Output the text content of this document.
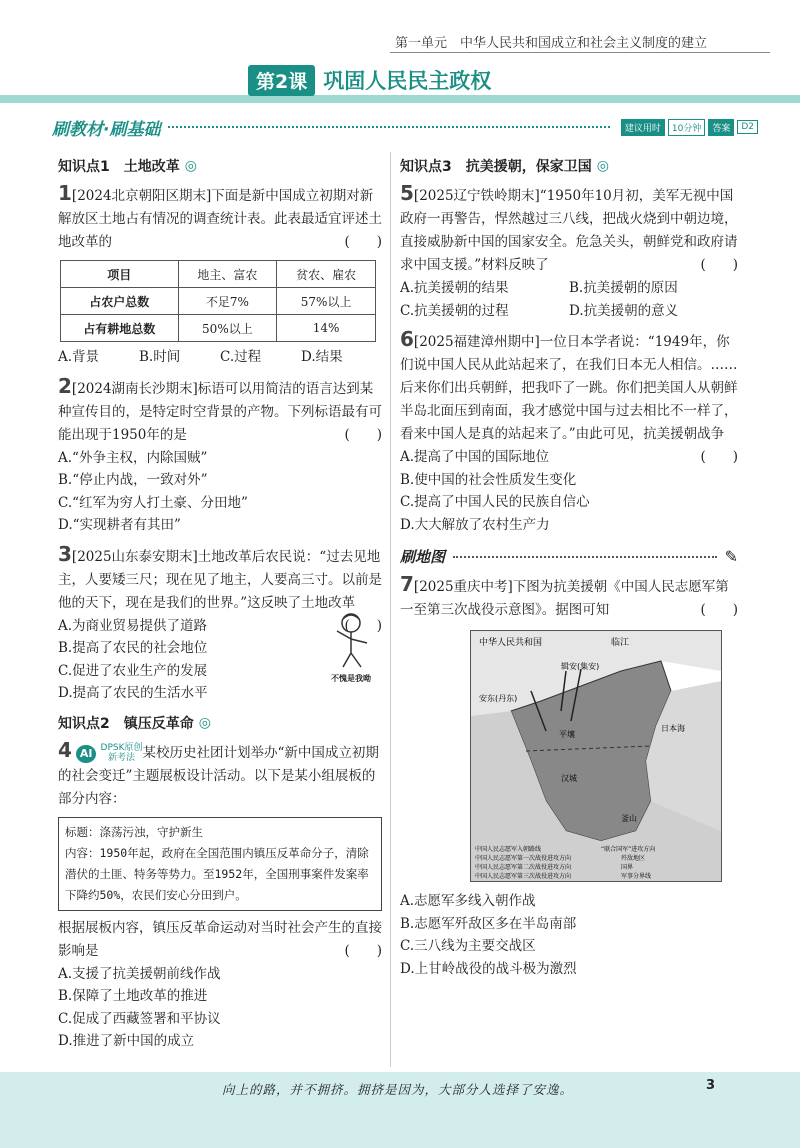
第一单元　中华人民共和国成立和社会主义制度的建立
第2课 巩固人民民主政权
刷教材·刷基础	建议用时	10分钟	答案	D2
知识点1 土地改革 ◎
1[2024北京朝阳区期末]下面是新中国成立初期对新解放区土地占有情况的调查统计表。此表最适宜评述土地改革的	(　　)
项目	地主、富农	贫农、雇农
占农户总数	不足7%	57%以上
占有耕地总数	50%以上	14%
A.背景	B.时间	C.过程	D.结果
2[2024湖南长沙期末]标语可以用简洁的语言达到某种宣传目的，是特定时空背景的产物。下列标语最有可能出现于1950年的是	(　　)
A.“外争主权，内除国贼”
B.“停止内战，一致对外”
C.“红军为穷人打土豪、分田地”
D.“实现耕者有其田”
3[2025山东泰安期末]土地改革后农民说：“过去见地主，人要矮三尺；现在见了地主，人要高三寸。以前是他的天下，现在是我们的世界。”这反映了土地改革
(　　)
A.为商业贸易提供了道路
B.提高了农民的社会地位
C.促进了农业生产的发展
D.提高了农民的生活水平
不愧是我呦
知识点2 镇压反革命 ◎
4 AI DPSK原创
新考法 某校历史社团计划举办“新中国成立初期的社会变迁”主题展板设计活动。以下是某小组展板的部分内容：
标题：涤荡污浊，守护新生
内容：1950年起，政府在全国范围内镇压反革命分子，清除潜伏的土匪、特务等势力。至1952年，全国刑事案件发案率下降约50%，农民们安心分田到户。
根据展板内容，镇压反革命运动对当时社会产生的直接影响是	(　　)
A.支援了抗美援朝前线作战
B.保障了土地改革的推进
C.促成了西藏签署和平协议
D.推进了新中国的成立
知识点3 抗美援朝，保家卫国 ◎
5[2025辽宁铁岭期末]“1950年10月初，美军无视中国政府一再警告，悍然越过三八线，把战火烧到中朝边境，直接威胁新中国的国家安全。危急关头，朝鲜党和政府请求中国支援。”材料反映了	(　　)
A.抗美援朝的结果	B.抗美援朝的原因
C.抗美援朝的过程	D.抗美援朝的意义
6[2025福建漳州期中]一位日本学者说：“1949年，你们说中国人民从此站起来了，在我们日本无人相信。……后来你们出兵朝鲜，把我吓了一跳。你们把美国人从朝鲜半岛北面压到南面，我才感觉中国与过去相比不一样了，看来中国人是真的站起来了。”由此可见，抗美援朝战争
(　　)
A.提高了中国的国际地位
B.使中国的社会性质发生变化
C.提高了中国人民的民族自信心
D.大大解放了农村生产力
刷地图	✎
7[2025重庆中考]下图为抗美援朝《中国人民志愿军第一至第三次战役示意图》。据图可知	(　　)
中华人民共和国	临江
辑安(集安)
安东(丹东)
平壤
汉城
釜山
日本海
中国人民志愿军入朝路线	“联合国军”进攻方向
中国人民志愿军第一次战役进攻方向
中国人民志愿军第二次战役进攻方向
中国人民志愿军第三次战役进攻方向
歼敌地区
国界
军事分界线
A.志愿军多线入朝作战
B.志愿军歼敌区多在半岛南部
C.三八线为主要交战区
D.上甘岭战役的战斗极为激烈
向上的路，并不拥挤。拥挤是因为，大部分人选择了安逸。	3
